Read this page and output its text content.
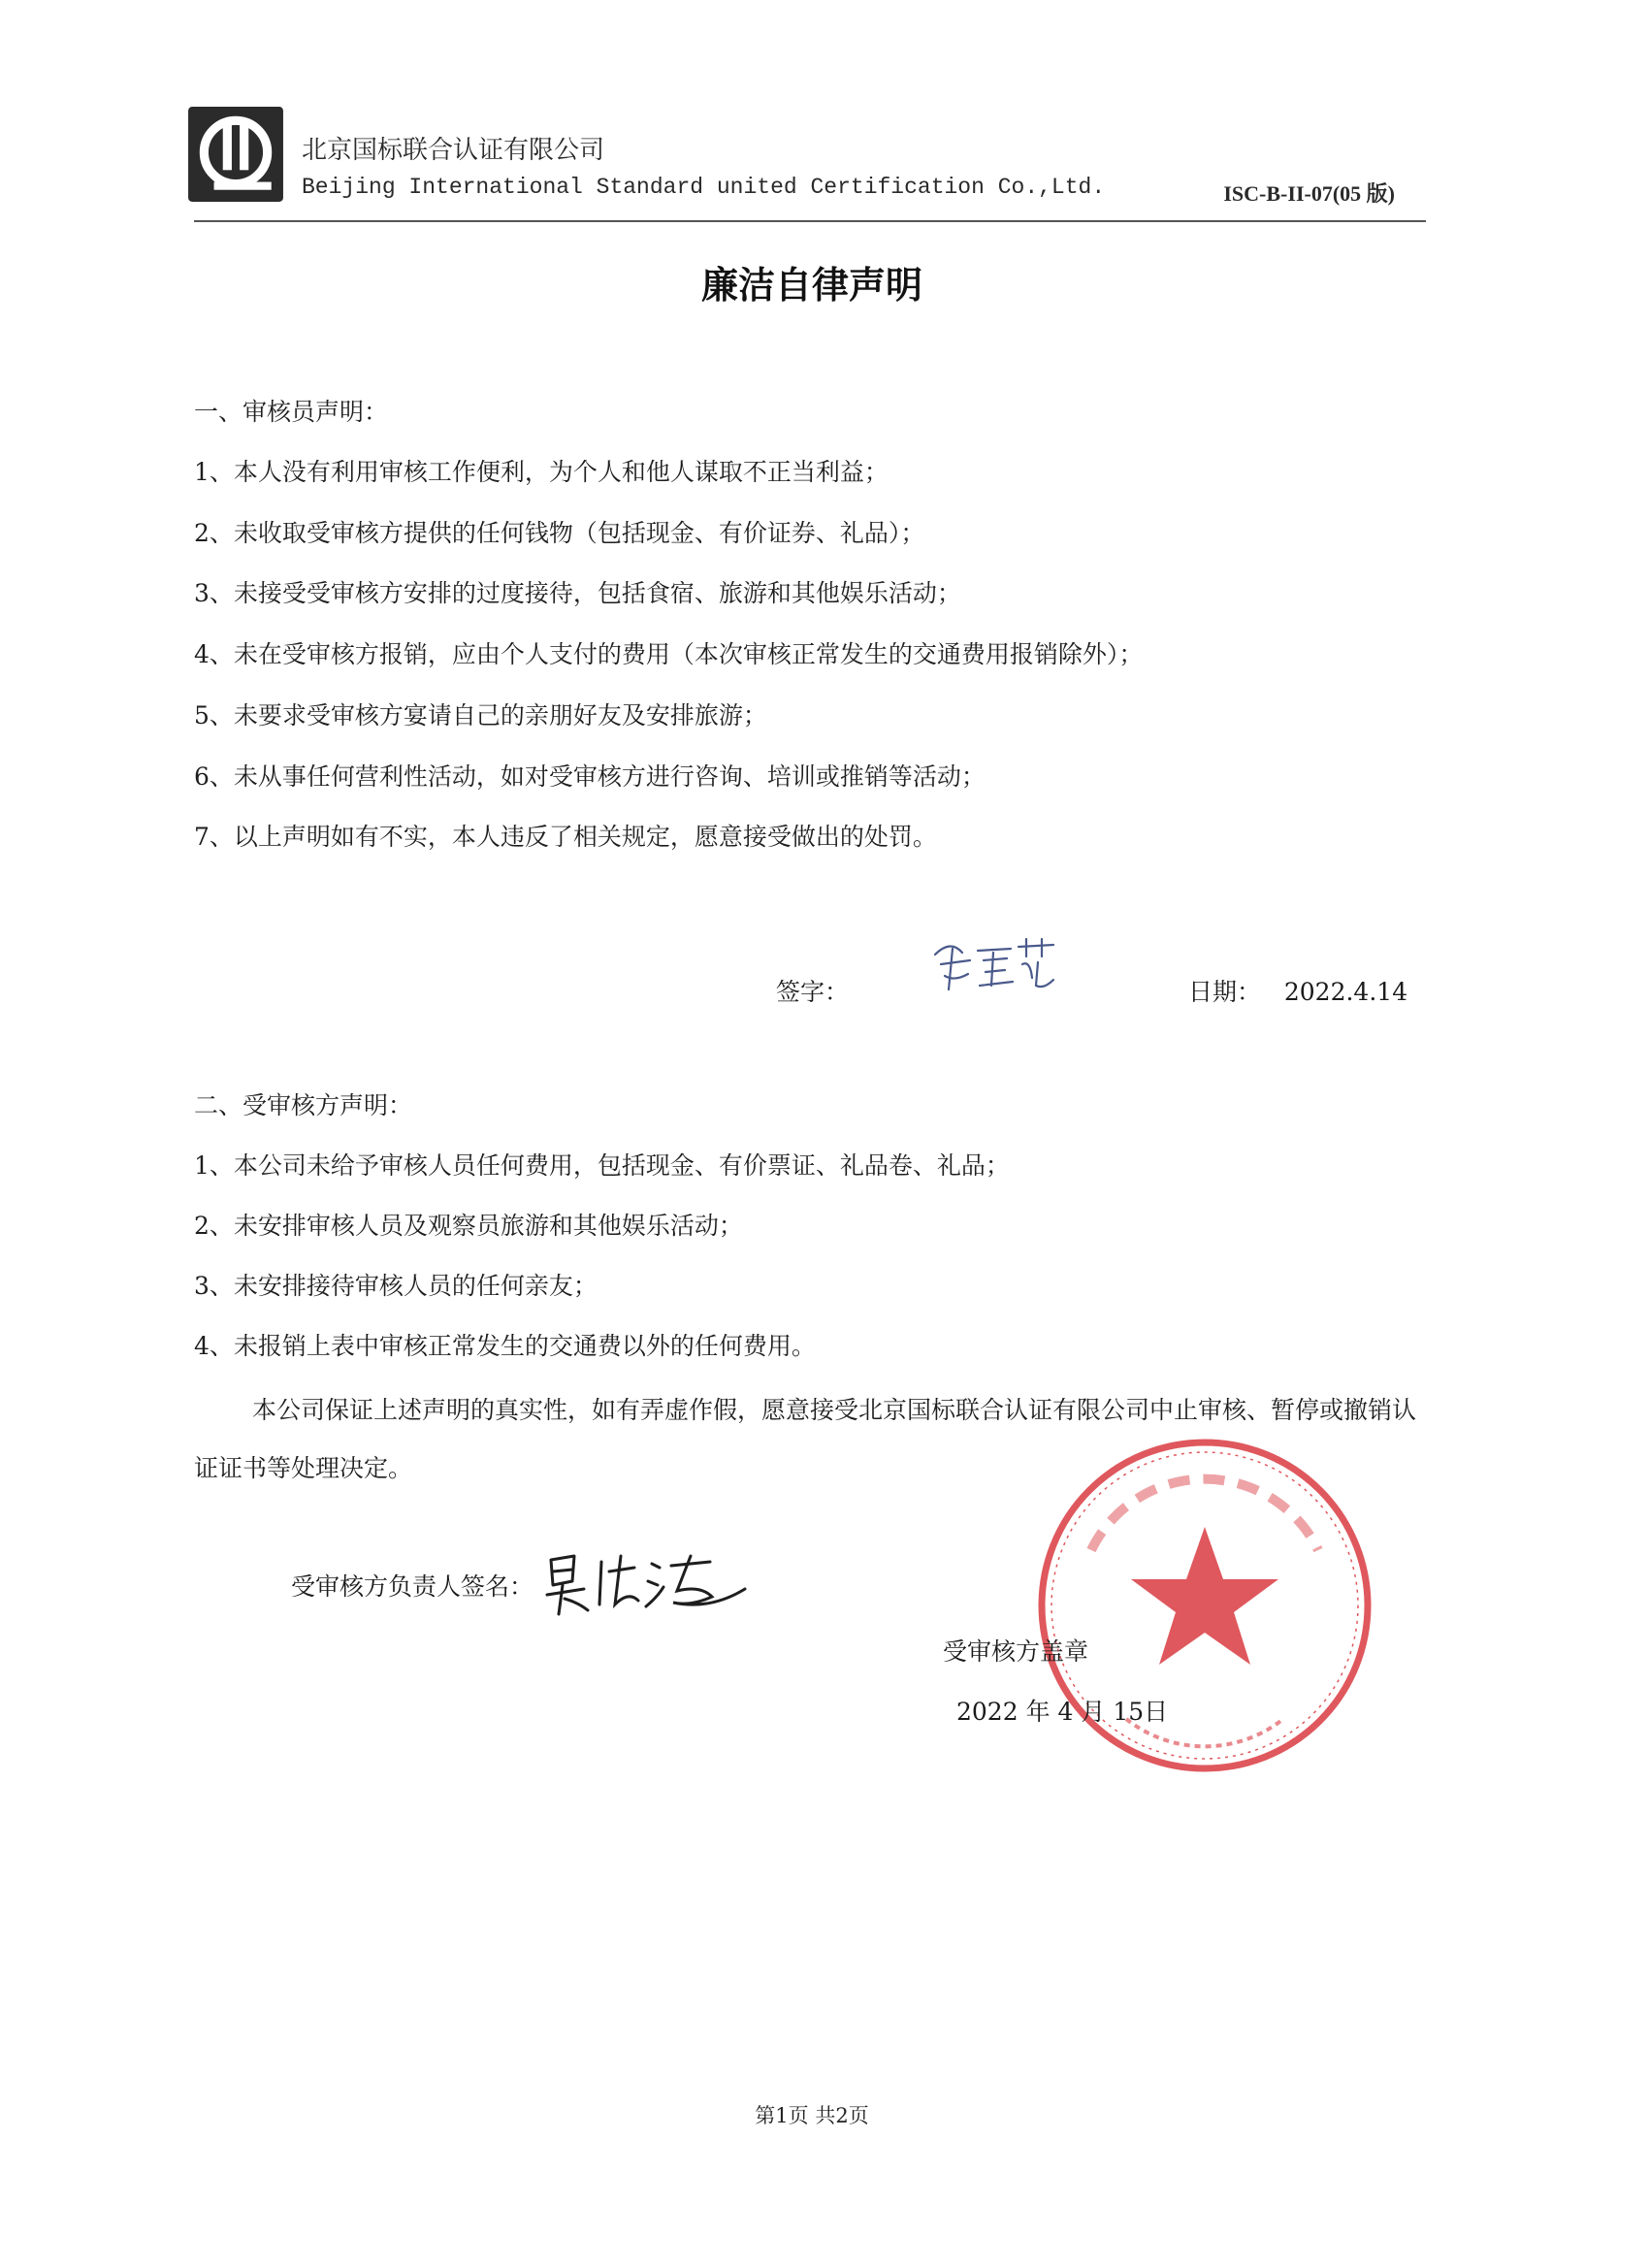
北京国标联合认证有限公司
Beijing International Standard united Certification Co.,Ltd.	ISC-B-II-07(05 版)
廉洁自律声明
一、审核员声明：
1、本人没有利用审核工作便利，为个人和他人谋取不正当利益；
2、未收取受审核方提供的任何钱物（包括现金、有价证券、礼品）；
3、未接受受审核方安排的过度接待，包括食宿、旅游和其他娱乐活动；
4、未在受审核方报销，应由个人支付的费用（本次审核正常发生的交通费用报销除外）；
5、未要求受审核方宴请自己的亲朋好友及安排旅游；
6、未从事任何营利性活动，如对受审核方进行咨询、培训或推销等活动；
7、以上声明如有不实，本人违反了相关规定，愿意接受做出的处罚。
签字：	日期： 2022.4.14
二、受审核方声明：
1、本公司未给予审核人员任何费用，包括现金、有价票证、礼品卷、礼品；
2、未安排审核人员及观察员旅游和其他娱乐活动；
3、未安排接待审核人员的任何亲友；
4、未报销上表中审核正常发生的交通费以外的任何费用。
本公司保证上述声明的真实性，如有弄虚作假，愿意接受北京国标联合认证有限公司中止审核、暂停或撤销认证证书等处理决定。
受审核方负责人签名：
受审核方盖章
2022 年 4 月 15日
第1页 共2页
